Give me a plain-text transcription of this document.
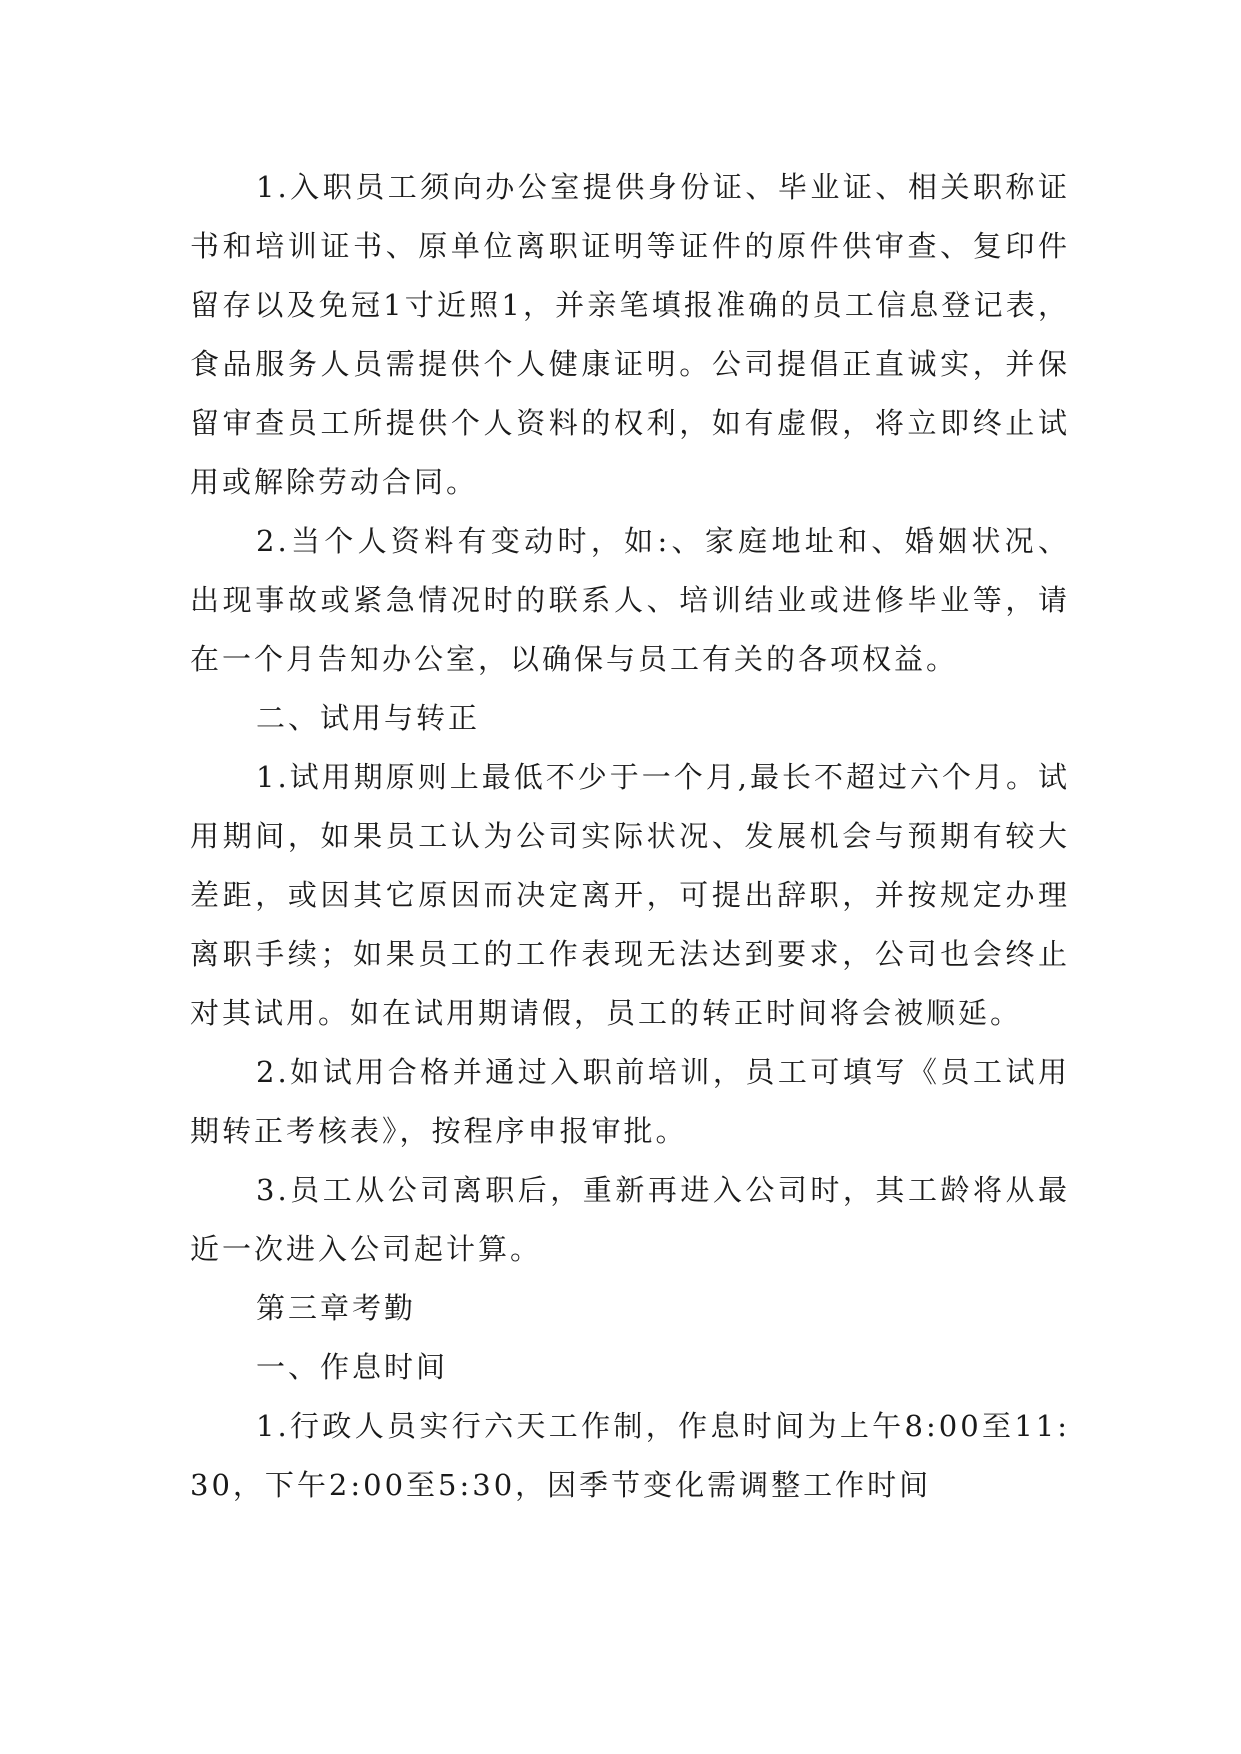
1.入职员工须向办公室提供身份证、毕业证、相关职称证书和培训证书、原单位离职证明等证件的原件供审查、复印件留存以及免冠1寸近照1，并亲笔填报准确的员工信息登记表，食品服务人员需提供个人健康证明。公司提倡正直诚实，并保留审查员工所提供个人资料的权利，如有虚假，将立即终止试用或解除劳动合同。

2.当个人资料有变动时，如:、家庭地址和、婚姻状况、出现事故或紧急情况时的联系人、培训结业或进修毕业等，请在一个月告知办公室，以确保与员工有关的各项权益。

二、试用与转正

1.试用期原则上最低不少于一个月,最长不超过六个月。试用期间，如果员工认为公司实际状况、发展机会与预期有较大差距，或因其它原因而决定离开，可提出辞职，并按规定办理离职手续；如果员工的工作表现无法达到要求，公司也会终止对其试用。如在试用期请假，员工的转正时间将会被顺延。

2.如试用合格并通过入职前培训，员工可填写《员工试用期转正考核表》，按程序申报审批。

3.员工从公司离职后，重新再进入公司时，其工龄将从最近一次进入公司起计算。

第三章考勤

一、作息时间

1.行政人员实行六天工作制，作息时间为上午8:00至11:30，下午2:00至5:30，因季节变化需调整工作时间
